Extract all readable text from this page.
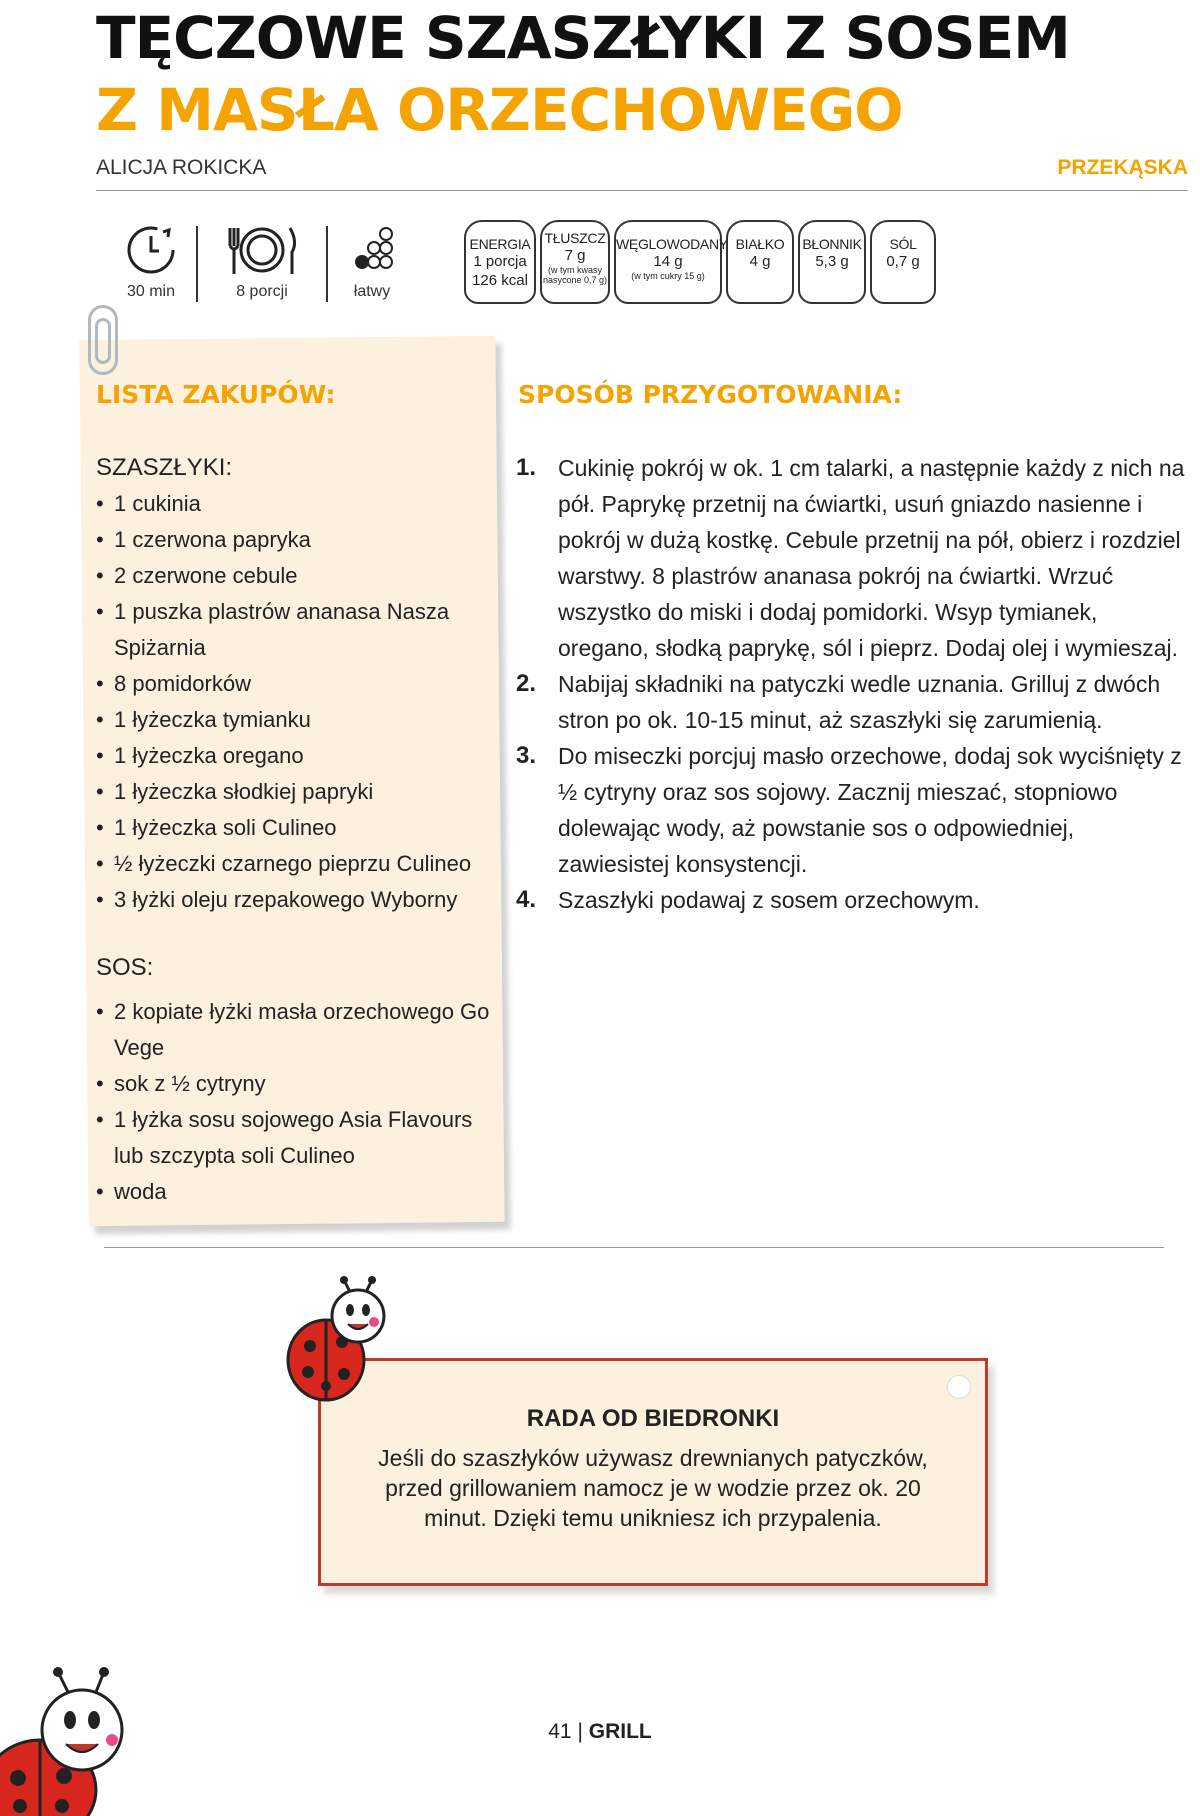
TĘCZOWE SZASZŁYKI Z SOSEM
Z MASŁA ORZECHOWEGO
ALICJA ROKICKA	PRZEKĄSKA
30 min	8 porcji	łatwy
ENERGIA
1 porcja
126 kcal
TŁUSZCZ
7 g
(w tym kwasy nasycone 0,7 g)
WĘGLOWODANY
14 g
(w tym cukry 15 g)
BIAŁKO
4 g
BŁONNIK
5,3 g
SÓL
0,7 g
LISTA ZAKUPÓW:
SZASZŁYKI:
• 1 cukinia
• 1 czerwona papryka
• 2 czerwone cebule
• 1 puszka plastrów ananasa Nasza Spiżarnia
• 8 pomidorków
• 1 łyżeczka tymianku
• 1 łyżeczka oregano
• 1 łyżeczka słodkiej papryki
• 1 łyżeczka soli Culineo
• ½ łyżeczki czarnego pieprzu Culineo
• 3 łyżki oleju rzepakowego Wyborny
SOS:
• 2 kopiate łyżki masła orzechowego Go Vege
• sok z ½ cytryny
• 1 łyżka sosu sojowego Asia Flavours lub szczypta soli Culineo
• woda
SPOSÓB PRZYGOTOWANIA:
1. Cukinię pokrój w ok. 1 cm talarki, a następnie każdy z nich na pół. Paprykę przetnij na ćwiartki, usuń gniazdo nasienne i pokrój w dużą kostkę. Cebule przetnij na pół, obierz i rozdziel warstwy. 8 plastrów ananasa pokrój na ćwiartki. Wrzuć wszystko do miski i dodaj pomidorki. Wsyp tymianek, oregano, słodką paprykę, sól i pieprz. Dodaj olej i wymieszaj.
2. Nabijaj składniki na patyczki wedle uznania. Grilluj z dwóch stron po ok. 10-15 minut, aż szaszłyki się zarumienią.
3. Do miseczki porcjuj masło orzechowe, dodaj sok wyciśnięty z ½ cytryny oraz sos sojowy. Zacznij mieszać, stopniowo dolewając wody, aż powstanie sos o odpowiedniej, zawiesistej konsystencji.
4. Szaszłyki podawaj z sosem orzechowym.
RADA OD BIEDRONKI
Jeśli do szaszłyków używasz drewnianych patyczków, przed grillowaniem namocz je w wodzie przez ok. 20 minut. Dzięki temu unikniesz ich przypalenia.
41 | GRILL
